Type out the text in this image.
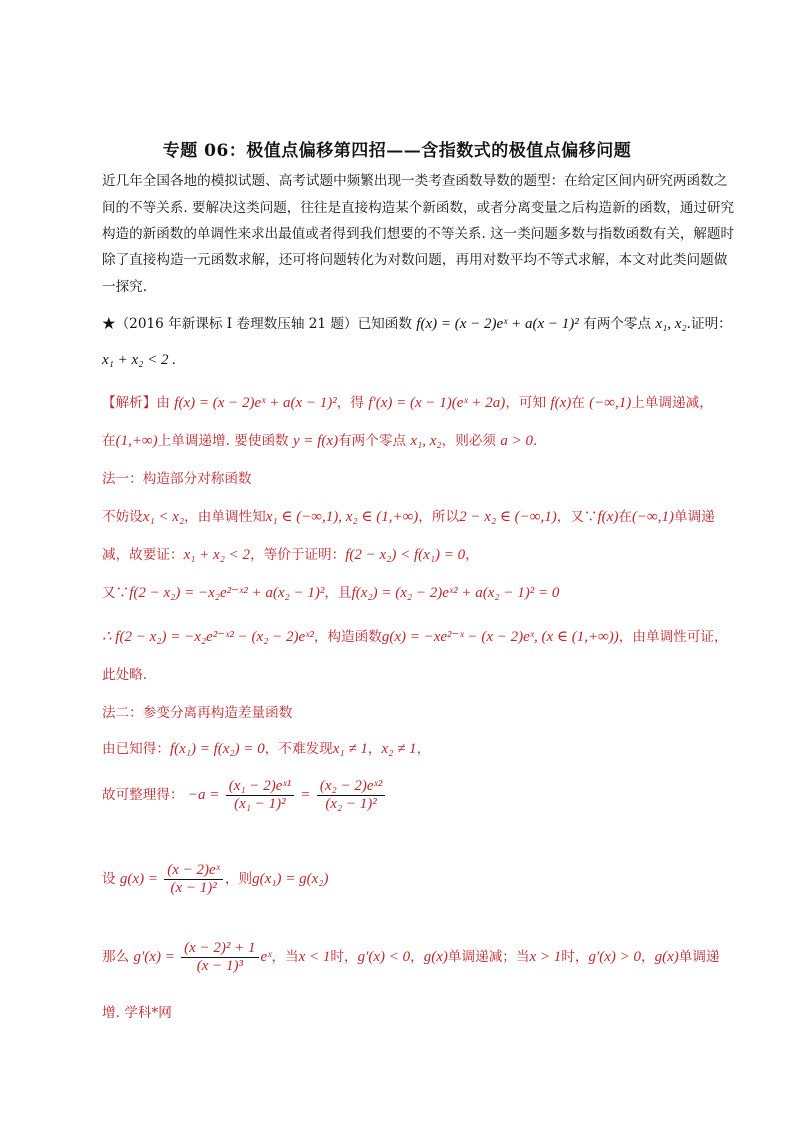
专题 06：极值点偏移第四招——含指数式的极值点偏移问题
近几年全国各地的模拟试题、高考试题中频繁出现一类考查函数导数的题型：在给定区间内研究两函数之
间的不等关系. 要解决这类问题，往往是直接构造某个新函数，或者分离变量之后构造新的函数，通过研究
构造的新函数的单调性来求出最值或者得到我们想要的不等关系. 这一类问题多数与指数函数有关，解题时
除了直接构造一元函数求解，还可将问题转化为对数问题，再用对数平均不等式求解，本文对此类问题做
一探究.
★（2016 年新课标 I 卷理数压轴 21 题）已知函数 f(x) = (x − 2)eˣ + a(x − 1)² 有两个零点 x₁, x₂.证明：
x₁ + x₂ < 2 .
【解析】由 f(x) = (x − 2)eˣ + a(x − 1)²，得 f′(x) = (x − 1)(eˣ + 2a)，可知 f(x)在 (−∞,1)上单调递减，
在(1,+∞)上单调递增. 要使函数 y = f(x)有两个零点 x₁, x₂，则必须 a > 0.
法一：构造部分对称函数
不妨设x₁ < x₂，由单调性知x₁ ∈ (−∞,1), x₂ ∈ (1,+∞)，所以2 − x₂ ∈ (−∞,1)，又∵f(x)在(−∞,1)单调递
减，故要证：x₁ + x₂ < 2，等价于证明：f(2 − x₂) < f(x₁) = 0，
又∵f(2 − x₂) = −x₂e²⁻ˣ² + a(x₂ − 1)²，且f(x₂) = (x₂ − 2)eˣ² + a(x₂ − 1)² = 0
∴ f(2 − x₂) = −x₂e²⁻ˣ² − (x₂ − 2)eˣ²，构造函数g(x) = −xe²⁻ˣ − (x − 2)eˣ, (x ∈ (1,+∞))，由单调性可证，
此处略.
法二：参变分离再构造差量函数
由已知得：f(x₁) = f(x₂) = 0，不难发现x₁ ≠ 1，x₂ ≠ 1，
故可整理得： $-a = \frac{\text{(x₁ − 2)eˣ¹}}{\text{(x₁ − 1)²}} = \frac{\text{(x₂ − 2)eˣ²}}{\text{(x₂ − 1)²}}$
设 $g(x) = \frac{\text{(x − 2)eˣ}}{\text{(x − 1)²}}$ ，则g(x₁) = g(x₂)
那么 $g'(x) = \frac{\text{(x − 2)² + 1}}{\text{(x − 1)³}}$ eˣ，当x < 1时，g′(x) < 0，g(x)单调递减；当x > 1时，g′(x) > 0，g(x)单调递
增. 学科*网
